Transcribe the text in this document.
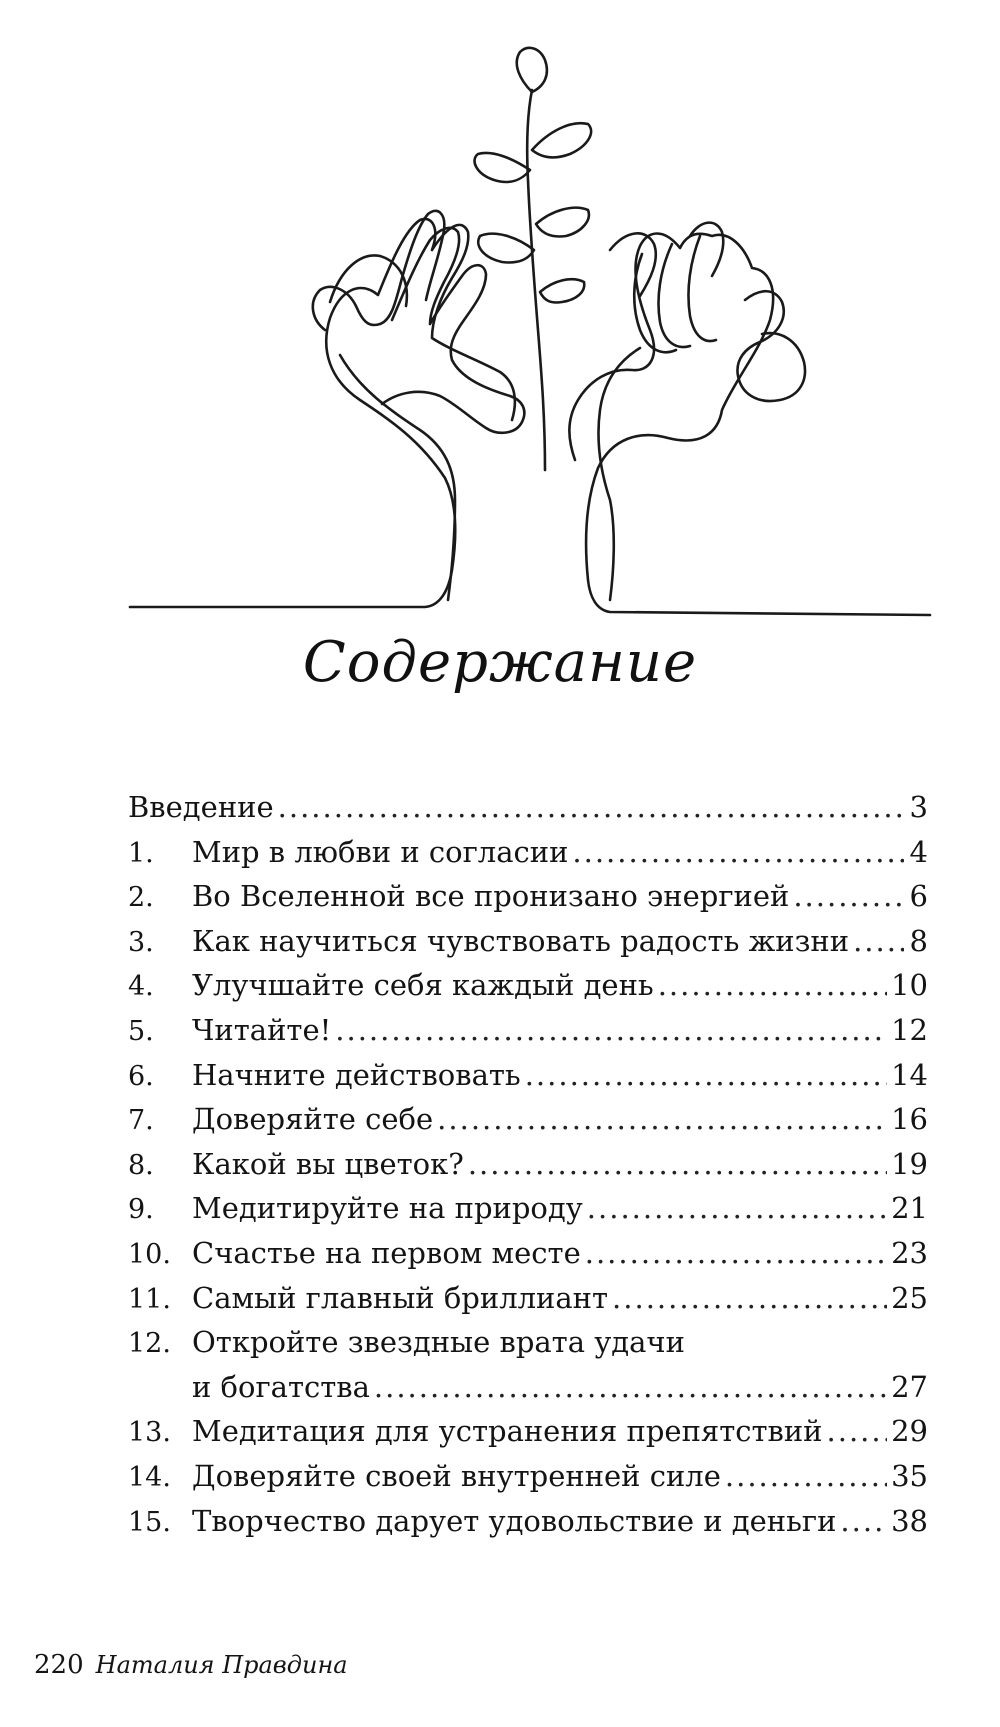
Содержание
Введение .....	3
1.	Мир в любви и согласии .....	4
2.	Во Вселенной все пронизано энергией .....	6
3.	Как научиться чувствовать радость жизни ..... 8
4.	Улучшайте себя каждый день .....	10
5.	Читайте! .....	12
6.	Начните действовать .....	14
7.	Доверяйте себе .....	16
8.	Какой вы цветок? .....	19
9.	Медитируйте на природу .....	21
10. Счастье на первом месте .....	23
11. Самый главный бриллиант .....	25
12. Откройте звездные врата удачи
и богатства .....	27
13. Медитация для устранения препятствий ..... 29
14. Доверяйте своей внутренней силе .....	35
15. Творчество дарует удовольствие и деньги ..... 38
220 Наталия Правдина
